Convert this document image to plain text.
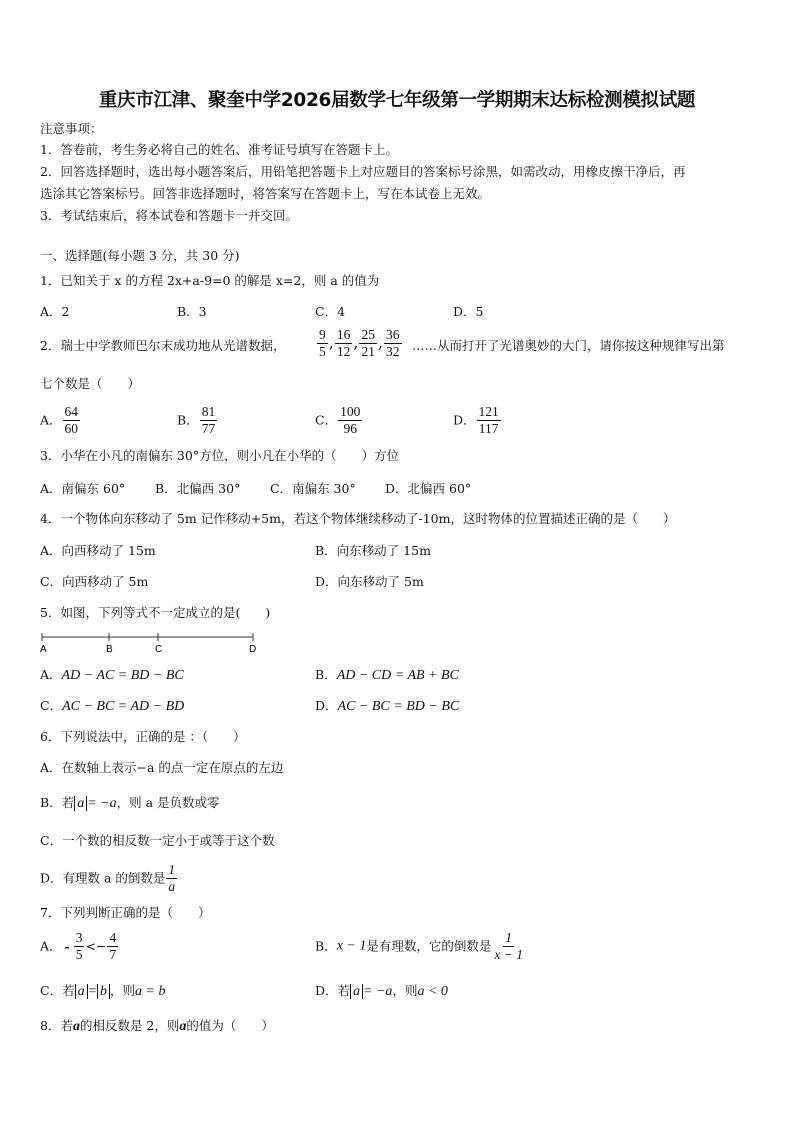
重庆市江津、聚奎中学2026届数学七年级第一学期期末达标检测模拟试题
注意事项：
1．答卷前，考生务必将自己的姓名、准考证号填写在答题卡上。
2．回答选择题时，选出每小题答案后，用铅笔把答题卡上对应题目的答案标号涂黑，如需改动，用橡皮擦干净后，再
选涂其它答案标号。回答非选择题时，将答案写在答题卡上，写在本试卷上无效。
3．考试结束后，将本试卷和答题卡一并交回。
一、选择题(每小题 3 分，共 30 分)
1．已知关于 x 的方程 2x+a-9=0 的解是 x=2，则 a 的值为
A．2	B．3	C．4	D．5
2．瑞士中学教师巴尔末成功地从光谱数据， $\frac{9}{5}$ , $\frac{16}{12}$ , $\frac{25}{21}$ , $\frac{36}{32}$ ……从而打开了光谱奥妙的大门，请你按这种规律写出第
七个数是（　　）
A． $\frac{64}{60}$	B． $\frac{81}{77}$	C． $\frac{100}{96}$	D． $\frac{121}{117}$
3．小华在小凡的南偏东 30°方位，则小凡在小华的（　　）方位
A．南偏东 60° B．北偏西 30° C．南偏东 30° D．北偏西 60°
4．一个物体向东移动了 5m 记作移动+5m，若这个物体继续移动了-10m，这时物体的位置描述正确的是（　　）
A．向西移动了 15m	B．向东移动了 15m
C．向西移动了 5m	D．向东移动了 5m
5．如图，下列等式不一定成立的是(　　)
A	B	C	D
A．AD − AC = BD − BC	B．AD − CD = AB + BC
C．AC − BC = AD − BD	D．AC − BC = BD − BC
6．下列说法中，正确的是 ：（　　）
A．在数轴上表示−a 的点一定在原点的左边
B．若 a = −a，则 a 是负数或零
C．一个数的相反数一定小于或等于这个数
D．有理数 a 的倒数是 $\frac{1}{a}$
7．下列判断正确的是（　　）
A． - $\frac{3}{5} <- \frac{4}{7}$	B．x − 1是有理数，它的倒数是 $\frac{1}{x - 1}$
C．若 a = b ，则a = b	D．若 a = −a，则a < 0
8．若a的相反数是 2，则a的值为（　　）
